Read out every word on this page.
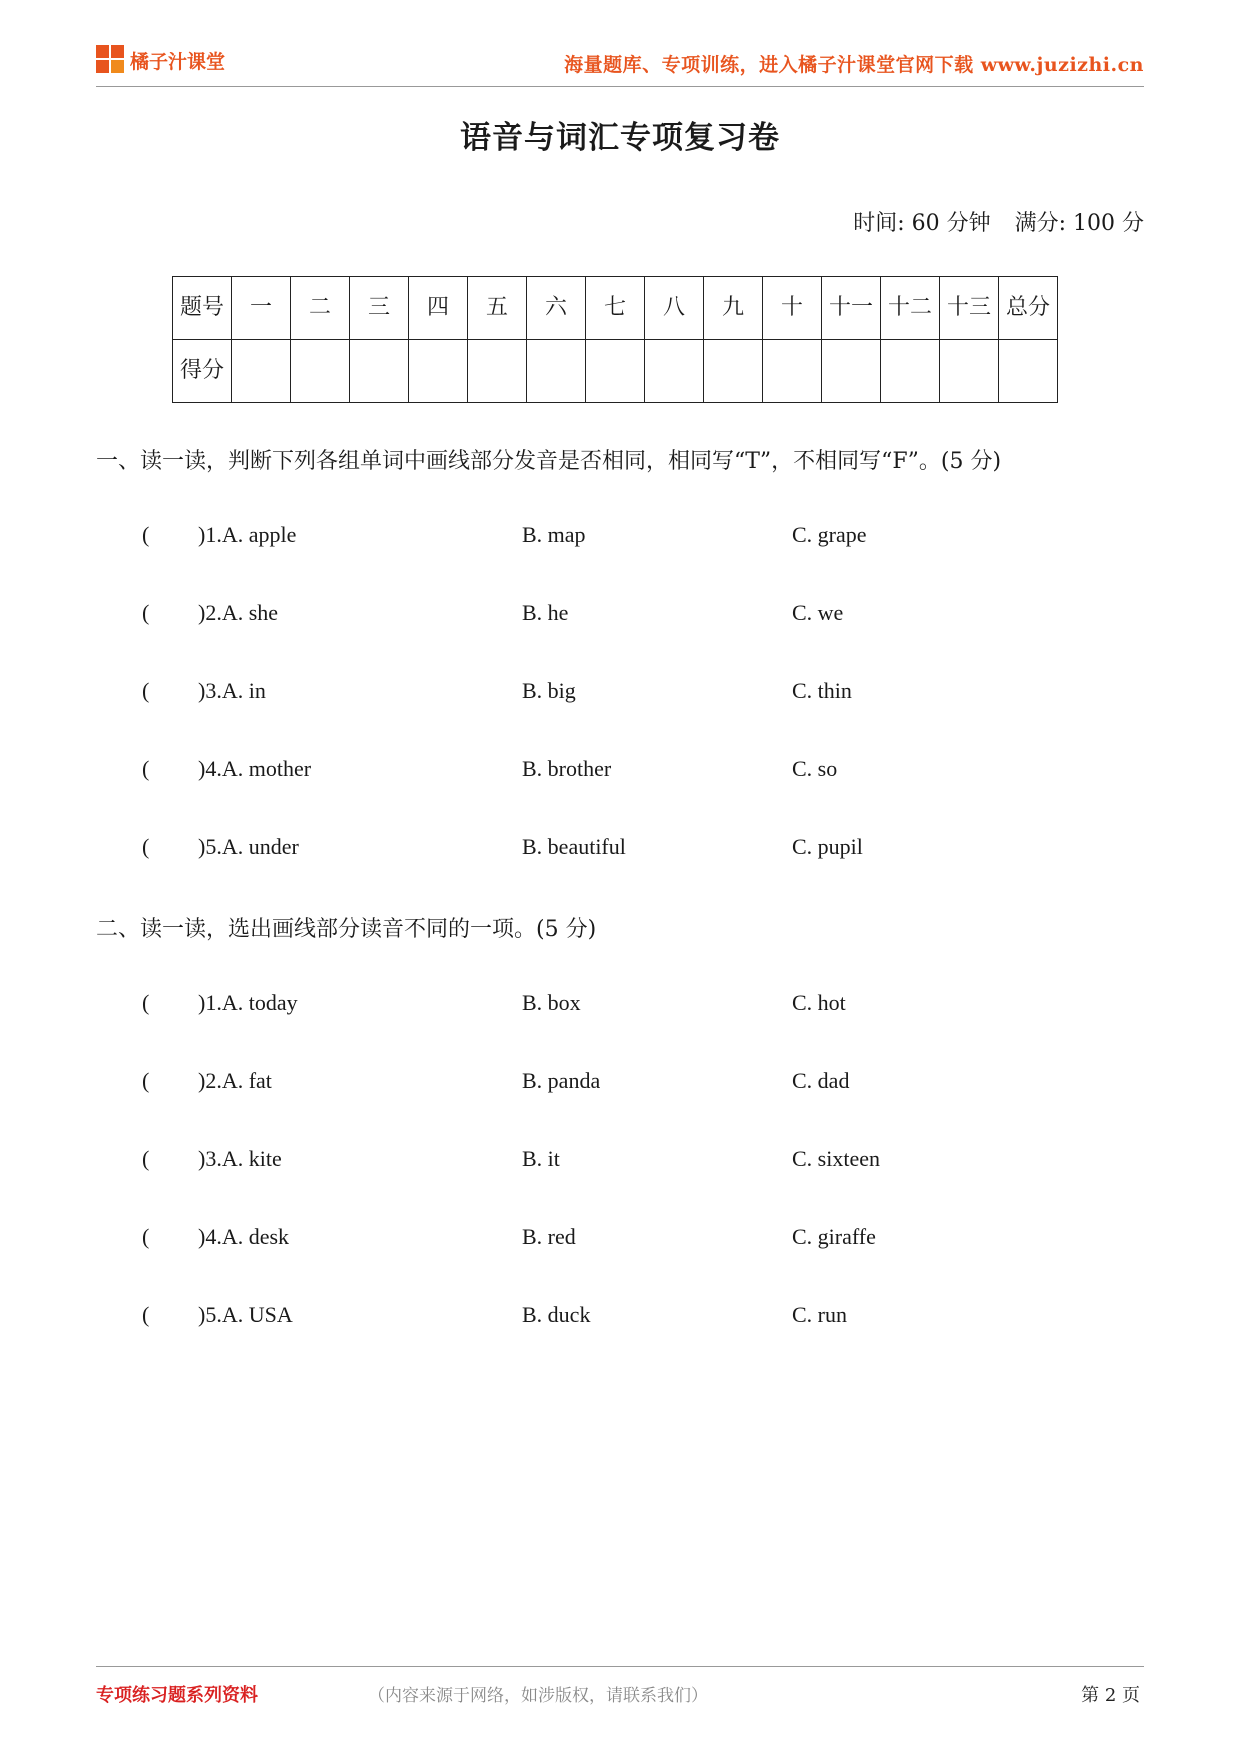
橘子汁课堂	海量题库、专项训练，进入橘子汁课堂官网下载 www.juzizhi.cn
语音与词汇专项复习卷
时间: 60 分钟 满分: 100 分
题号	一	二	三	四	五	六	七	八	九	十	十一	十二	十三	总分
得分														
一、读一读，判断下列各组单词中画线部分发音是否相同，相同写“T”，不相同写“F”。(5 分)
( )1.A. apple	B. map	C. grape
( )2.A. she	B. he	C. we
( )3.A. in	B. big	C. thin
( )4.A. mother	B. brother	C. so
( )5.A. under	B. beautiful	C. pupil
二、读一读，选出画线部分读音不同的一项。(5 分)
( )1.A. today	B. box	C. hot
( )2.A. fat	B. panda	C. dad
( )3.A. kite	B. it	C. sixteen
( )4.A. desk	B. red	C. giraffe
( )5.A. USA	B. duck	C. run
专项练习题系列资料	（内容来源于网络，如涉版权，请联系我们）	第 2 页
